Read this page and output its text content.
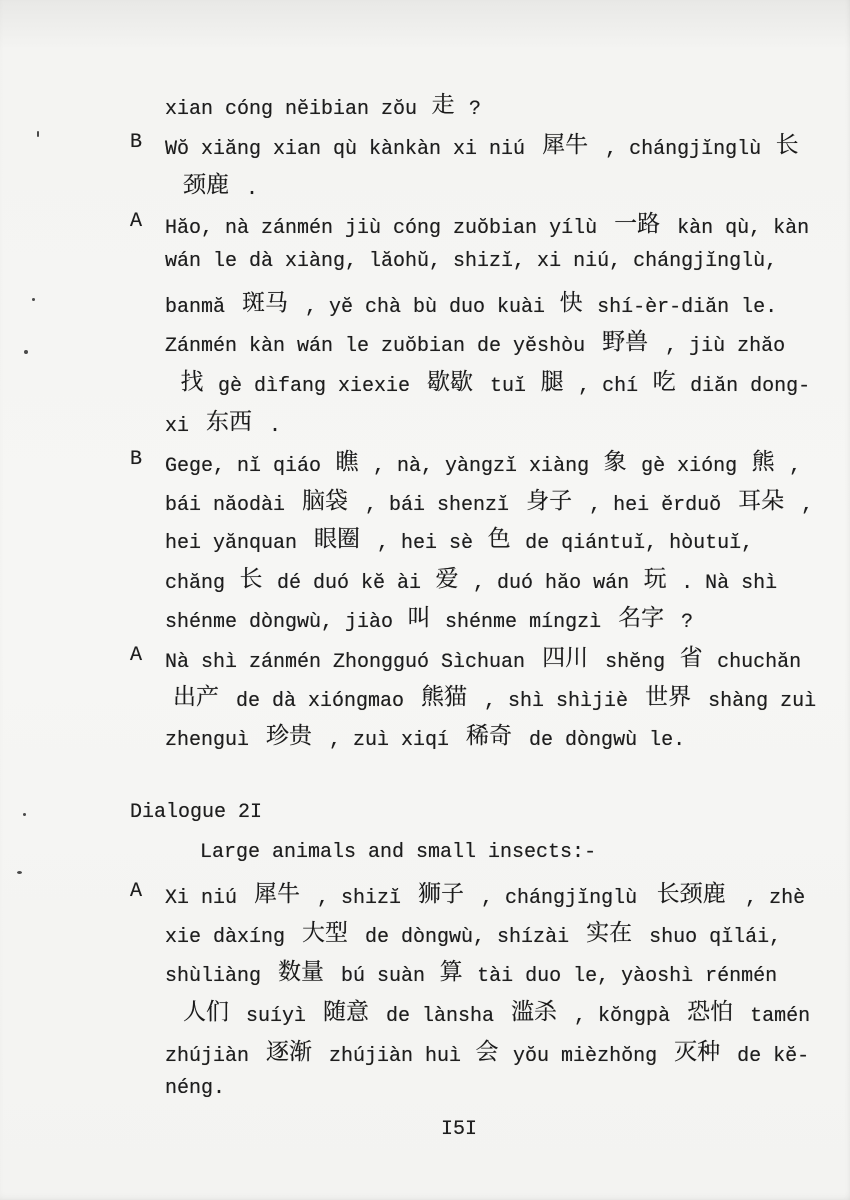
xian cóng nĕibian zŏu 走 ?
B Wŏ xiăng xian qù kànkàn xi niú 犀牛 , chángjĭnglù 长
颈鹿 .
A Hăo, nà zánmén jiù cóng zuŏbian yílù 一路 kàn qù, kàn
wán le dà xiàng, lăohŭ, shizĭ, xi niú, chángjĭnglù,
banmă 斑马 , yĕ chà bù duo kuài 快 shí-èr-diăn le.
Zánmén kàn wán le zuŏbian de yĕshòu 野兽 , jiù zhăo
找 gè dìfang xiexie 歇歇 tuĭ 腿 , chí 吃 diăn dong-
xi 东西 .
B Gege, nĭ qiáo 瞧 , nà, yàngzĭ xiàng 象 gè xióng 熊 ,
bái năodài 脑袋 , bái shenzĭ 身子 , hei ĕrduŏ 耳朵 ,
hei yănquan 眼圈 , hei sè 色 de qiántuĭ, hòutuĭ,
chăng 长 dé duó kĕ ài 爱 , duó hăo wán 玩 . Nà shì
shénme dòngwù, jiào 叫 shénme míngzì 名字 ?
A Nà shì zánmén Zhongguó Sìchuan 四川 shĕng 省 chuchăn
出产 de dà xióngmao 熊猫 , shì shìjiè 世界 shàng zuì
zhenguì 珍贵 , zuì xiqí 稀奇 de dòngwù le.
Dialogue 2I
Large animals and small insects:-
A Xi niú 犀牛 , shizĭ 狮子 , chángjĭnglù 长颈鹿 , zhè
xie dàxíng 大型 de dòngwù, shízài 实在 shuo qĭlái,
shùliàng 数量 bú suàn 算 tài duo le, yàoshì rénmén
人们 suíyì 随意 de lànsha 滥杀 , kŏngpà 恐怕 tamén
zhújiàn 逐渐 zhújiàn huì 会 yŏu mièzhŏng 灭种 de kĕ-
néng.
I5I
